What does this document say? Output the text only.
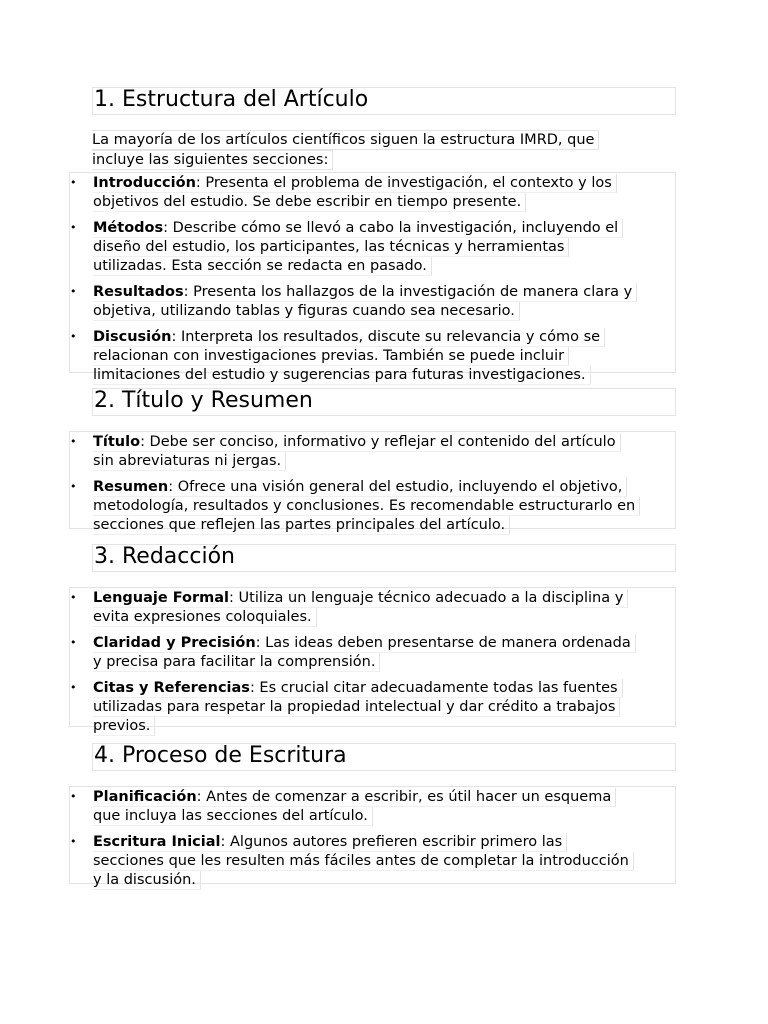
1. Estructura del Artículo
La mayoría de los artículos científicos siguen la estructura IMRD, que
incluye las siguientes secciones:
• Introducción: Presenta el problema de investigación, el contexto y los
objetivos del estudio. Se debe escribir en tiempo presente.
• Métodos: Describe cómo se llevó a cabo la investigación, incluyendo el
diseño del estudio, los participantes, las técnicas y herramientas
utilizadas. Esta sección se redacta en pasado.
• Resultados: Presenta los hallazgos de la investigación de manera clara y
objetiva, utilizando tablas y figuras cuando sea necesario.
• Discusión: Interpreta los resultados, discute su relevancia y cómo se
relacionan con investigaciones previas. También se puede incluir
limitaciones del estudio y sugerencias para futuras investigaciones.
2. Título y Resumen
• Título: Debe ser conciso, informativo y reflejar el contenido del artículo
sin abreviaturas ni jergas.
• Resumen: Ofrece una visión general del estudio, incluyendo el objetivo,
metodología, resultados y conclusiones. Es recomendable estructurarlo en
secciones que reflejen las partes principales del artículo.
3. Redacción
• Lenguaje Formal: Utiliza un lenguaje técnico adecuado a la disciplina y
evita expresiones coloquiales.
• Claridad y Precisión: Las ideas deben presentarse de manera ordenada
y precisa para facilitar la comprensión.
• Citas y Referencias: Es crucial citar adecuadamente todas las fuentes
utilizadas para respetar la propiedad intelectual y dar crédito a trabajos
previos.
4. Proceso de Escritura
• Planificación: Antes de comenzar a escribir, es útil hacer un esquema
que incluya las secciones del artículo.
• Escritura Inicial: Algunos autores prefieren escribir primero las
secciones que les resulten más fáciles antes de completar la introducción
y la discusión.
